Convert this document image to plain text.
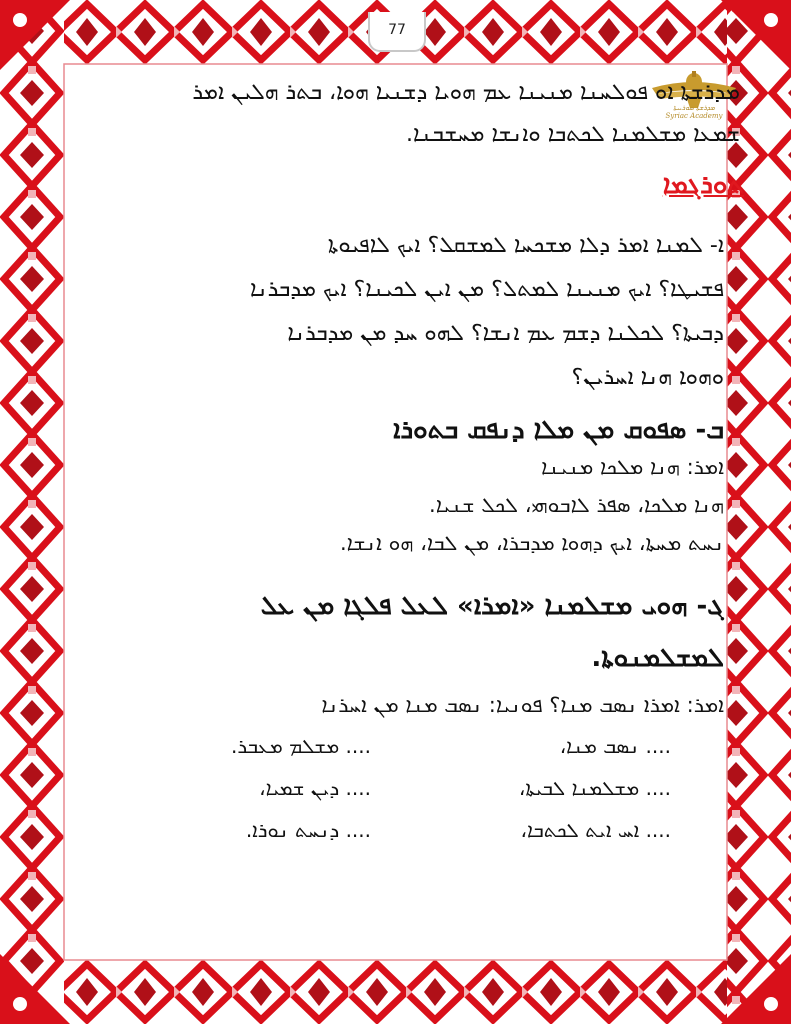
77
ܡܕܪܫܬܐ ܣܘܪܝܝܬܐ
Syriac Academy
ܡܕܪܫܬܐ ܐܘ ܦܘܠܚܢܐ ܡܢܝܢܐ ܥܡ ܗܘܝܐ ܕܫܢܝܐ ܗܘܐ، ܒܬܪ ܗܠܝܢ ܐܡܪ
ܫܡܥܐ ܡܫܠܡܢܐ ܠܟܬܒܐ ܘܐܢܫܐ ܡܚܫܒܢܐ.
ܬܘܪܓܡܐ
ܐ- ܠܡܢܐ ܐܡܪ ܕܠܐ ܡܫܟܚܐ ܠܡܫܩܠ؟ ܐܝܟ ܠܐܦܝܘܬܐ
ܦܫܝܛܐ؟ ܐܝܟ ܡܢܝܢܐ ܠܡܬܠ؟ ܡܢ ܐܝܢ ܠܟܝܢܐ؟ ܐܝܟ ܡܕܒܪܢܐ
ܕܒܝܬܐ؟ ܠܟܠܢܐ ܕܫܡ ܥܡ ܐܢܫܐ؟ ܠܗܘ ܚܕ ܡܢ ܡܕܒܪܢܐ
ܘܗܘܐ ܗܢܐ ܐܚܪܝܢ؟
ܒ- ܣܦܘܩ ܡܢ ܡܠܐ ܕܢܦܩ ܒܬܘܪܐ
ܐܡܪ: ܗܢܐ ܡܠܟܐ ܡܢܝܢܐ
ܗܢܐ ܡܠܟܐ، ܣܦܪ ܠܐܒܘܗܝ، ܠܟܠ ܫܢܝܐ.
ܢܚܬ ܡܚܬܐ، ܐܝܟ ܕܗܘܐ ܡܕܒܪܐ، ܡܢ ܠܒܐ، ܗܘ ܐܢܫܐ.
ܓ- ܗܘܝ ܡܫܠܡܢܐ «ܐܡܪܐ» ܠܥܠ ܦܠܓܐ ܡܢ ܥܠ
ܠܡܫܠܡܢܘܬܐ.
ܐܡܪ: ܐܡܪܐ ܢܣܒ ܡܢܐ؟ ܦܘܢܝܐ: ܢܣܒ ܡܢܐ ܡܢ ܐܚܪܢܐ
.... ܢܣܒ ܡܢܐ،
.... ܡܫܠܡ ܡܥܒܪ.
.... ܡܫܠܡܢܐ ܠܒܝܬܐ،
.... ܕܝܢ ܫܡܝܐ،
.... ܐܚ ܐܝܬ ܠܟܬܒܐ،
.... ܕܢܚܬ ܢܘܪܐ.
